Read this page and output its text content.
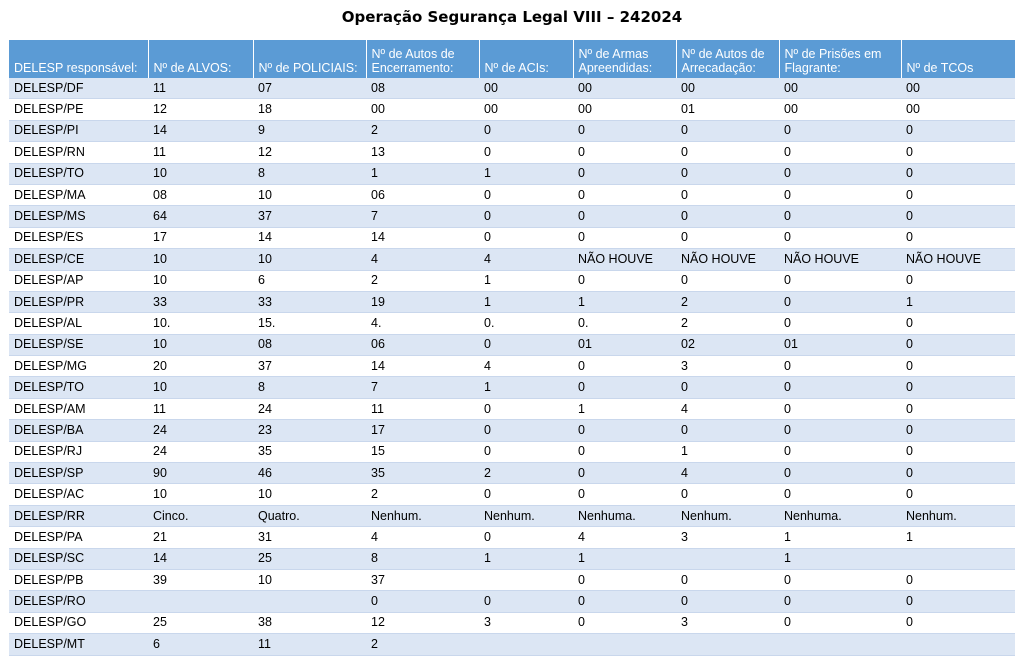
Operação Segurança Legal VIII – 242024
DELESP responsável:	Nº de ALVOS:	Nº de POLICIAIS:	Nº de Autos de Encerramento:	Nº de ACIs:	Nº de Armas Apreendidas:	Nº de Autos de Arrecadação:	Nº de Prisões em Flagrante:	Nº de TCOs
DELESP/DF	11	07	08	00	00	00	00	00
DELESP/PE	12	18	00	00	00	01	00	00
DELESP/PI	14	9	2	0	0	0	0	0
DELESP/RN	11	12	13	0	0	0	0	0
DELESP/TO	10	8	1	1	0	0	0	0
DELESP/MA	08	10	06	0	0	0	0	0
DELESP/MS	64	37	7	0	0	0	0	0
DELESP/ES	17	14	14	0	0	0	0	0
DELESP/CE	10	10	4	4	NÃO HOUVE	NÃO HOUVE	NÃO HOUVE	NÃO HOUVE
DELESP/AP	10	6	2	1	0	0	0	0
DELESP/PR	33	33	19	1	1	2	0	1
DELESP/AL	10.	15.	4.	0.	0.	2	0	0
DELESP/SE	10	08	06	0	01	02	01	0
DELESP/MG	20	37	14	4	0	3	0	0
DELESP/TO	10	8	7	1	0	0	0	0
DELESP/AM	11	24	11	0	1	4	0	0
DELESP/BA	24	23	17	0	0	0	0	0
DELESP/RJ	24	35	15	0	0	1	0	0
DELESP/SP	90	46	35	2	0	4	0	0
DELESP/AC	10	10	2	0	0	0	0	0
DELESP/RR	Cinco.	Quatro.	Nenhum.	Nenhum.	Nenhuma.	Nenhum.	Nenhuma.	Nenhum.
DELESP/PA	21	31	4	0	4	3	1	1
DELESP/SC	14	25	8	1	1		1	
DELESP/PB	39	10	37		0	0	0	0
DELESP/RO			0	0	0	0	0	0
DELESP/GO	25	38	12	3	0	3	0	0
DELESP/MT	6	11	2					
